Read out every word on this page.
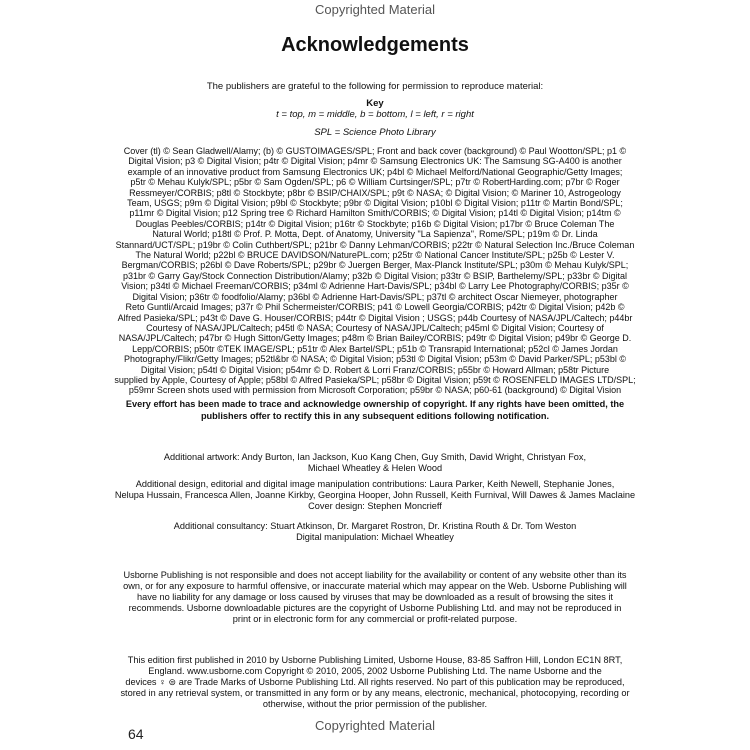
Copyrighted Material
Acknowledgements
The publishers are grateful to the following for permission to reproduce material:
Key
t = top, m = middle, b = bottom, l = left, r = right
SPL = Science Photo Library
Cover (tl) © Sean Gladwell/Alamy; (b) © GUSTOIMAGES/SPL; Front and back cover (background) © Paul Wootton/SPL; p1 ©
Digital Vision; p3 © Digital Vision; p4tr © Digital Vision; p4mr © Samsung Electronics UK: The Samsung SG-A400 is another
example of an innovative product from Samsung Electronics UK; p4bl © Michael Melford/National Geographic/Getty Images;
p5tr © Mehau Kulyk/SPL; p5br © Sam Ogden/SPL; p6 © William Curtsinger/SPL; p7tr © RobertHarding.com; p7br © Roger
Ressmeyer/CORBIS; p8tl © Stockbyte; p8br © BSIP/CHAIX/SPL; p9t © NASA; © Digital Vision; © Mariner 10, Astrogeology
Team, USGS; p9m © Digital Vision; p9bl © Stockbyte; p9br © Digital Vision; p10bl © Digital Vision; p11tr © Martin Bond/SPL;
p11mr © Digital Vision; p12 Spring tree © Richard Hamilton Smith/CORBIS; © Digital Vision; p14tl © Digital Vision; p14tm ©
Douglas Peebles/CORBIS; p14tr © Digital Vision; p16tr © Stockbyte; p16b © Digital Vision; p17br © Bruce Coleman The
Natural World; p18tl © Prof. P. Motta, Dept. of Anatomy, University "La Sapienza", Rome/SPL; p19m © Dr. Linda
Stannard/UCT/SPL; p19br © Colin Cuthbert/SPL; p21br © Danny Lehman/CORBIS; p22tr © Natural Selection Inc./Bruce Coleman
The Natural World; p22bl © BRUCE DAVIDSON/NaturePL.com; p25tr © National Cancer Institute/SPL; p25b © Lester V.
Bergman/CORBIS; p26bl © Dave Roberts/SPL; p29br © Juergen Berger, Max-Planck Institute/SPL; p30m © Mehau Kulyk/SPL;
p31br © Garry Gay/Stock Connection Distribution/Alamy; p32b © Digital Vision; p33tr © BSIP, Barthelemy/SPL; p33br © Digital
Vision; p34tl © Michael Freeman/CORBIS; p34ml © Adrienne Hart-Davis/SPL; p34bl © Larry Lee Photography/CORBIS; p35r ©
Digital Vision; p36tr © foodfolio/Alamy; p36bl © Adrienne Hart-Davis/SPL; p37tl © architect Oscar Niemeyer, photographer
Reto Guntli/Arcaid Images; p37r © Phil Schermeister/CORBIS; p41 © Lowell Georgia/CORBIS; p42tr © Digital Vision; p42b ©
Alfred Pasieka/SPL; p43t © Dave G. Houser/CORBIS; p44tr © Digital Vision ; USGS; p44b Courtesy of NASA/JPL/Caltech; p44br
Courtesy of NASA/JPL/Caltech; p45tl © NASA; Courtesy of NASA/JPL/Caltech; p45ml © Digital Vision; Courtesy of
NASA/JPL/Caltech; p47br © Hugh Sitton/Getty Images; p48m © Brian Bailey/CORBIS; p49tr © Digital Vision; p49br © George D.
Lepp/CORBIS; p50tr ©TEK IMAGE/SPL; p51tr © Alex Bartel/SPL; p51b © Transrapid International; p52cl © James Jordan
Photography/Flikr/Getty Images; p52tl&br © NASA; © Digital Vision; p53tl © Digital Vision; p53m © David Parker/SPL; p53bl ©
Digital Vision; p54tl © Digital Vision; p54mr © D. Robert & Lorri Franz/CORBIS; p55br © Howard Allman; p58tr Picture
supplied by Apple, Courtesy of Apple; p58bl © Alfred Pasieka/SPL; p58br © Digital Vision; p59t © ROSENFELD IMAGES LTD/SPL;
p59mr Screen shots used with permission from Microsoft Corporation; p59br © NASA; p60-61 (background) © Digital Vision
Every effort has been made to trace and acknowledge ownership of copyright. If any rights have been omitted, the
publishers offer to rectify this in any subsequent editions following notification.
Additional artwork: Andy Burton, Ian Jackson, Kuo Kang Chen, Guy Smith, David Wright, Christyan Fox,
Michael Wheatley & Helen Wood
Additional design, editorial and digital image manipulation contributions: Laura Parker, Keith Newell, Stephanie Jones,
Nelupa Hussain, Francesca Allen, Joanne Kirkby, Georgina Hooper, John Russell, Keith Furnival, Will Dawes & James Maclaine
Cover design: Stephen Moncrieff
Additional consultancy: Stuart Atkinson, Dr. Margaret Rostron, Dr. Kristina Routh & Dr. Tom Weston
Digital manipulation: Michael Wheatley
Usborne Publishing is not responsible and does not accept liability for the availability or content of any website other than its
own, or for any exposure to harmful offensive, or inaccurate material which may appear on the Web. Usborne Publishing will
have no liability for any damage or loss caused by viruses that may be downloaded as a result of browsing the sites it
recommends. Usborne downloadable pictures are the copyright of Usborne Publishing Ltd. and may not be reproduced in
print or in electronic form for any commercial or profit-related purpose.
This edition first published in 2010 by Usborne Publishing Limited, Usborne House, 83-85 Saffron Hill, London EC1N 8RT,
England. www.usborne.com Copyright © 2010, 2005, 2002 Usborne Publishing Ltd. The name Usborne and the
devices ♀ ⊜ are Trade Marks of Usborne Publishing Ltd. All rights reserved. No part of this publication may be reproduced,
stored in any retrieval system, or transmitted in any form or by any means, electronic, mechanical, photocopying, recording or
otherwise, without the prior permission of the publisher.
Copyrighted Material
64
